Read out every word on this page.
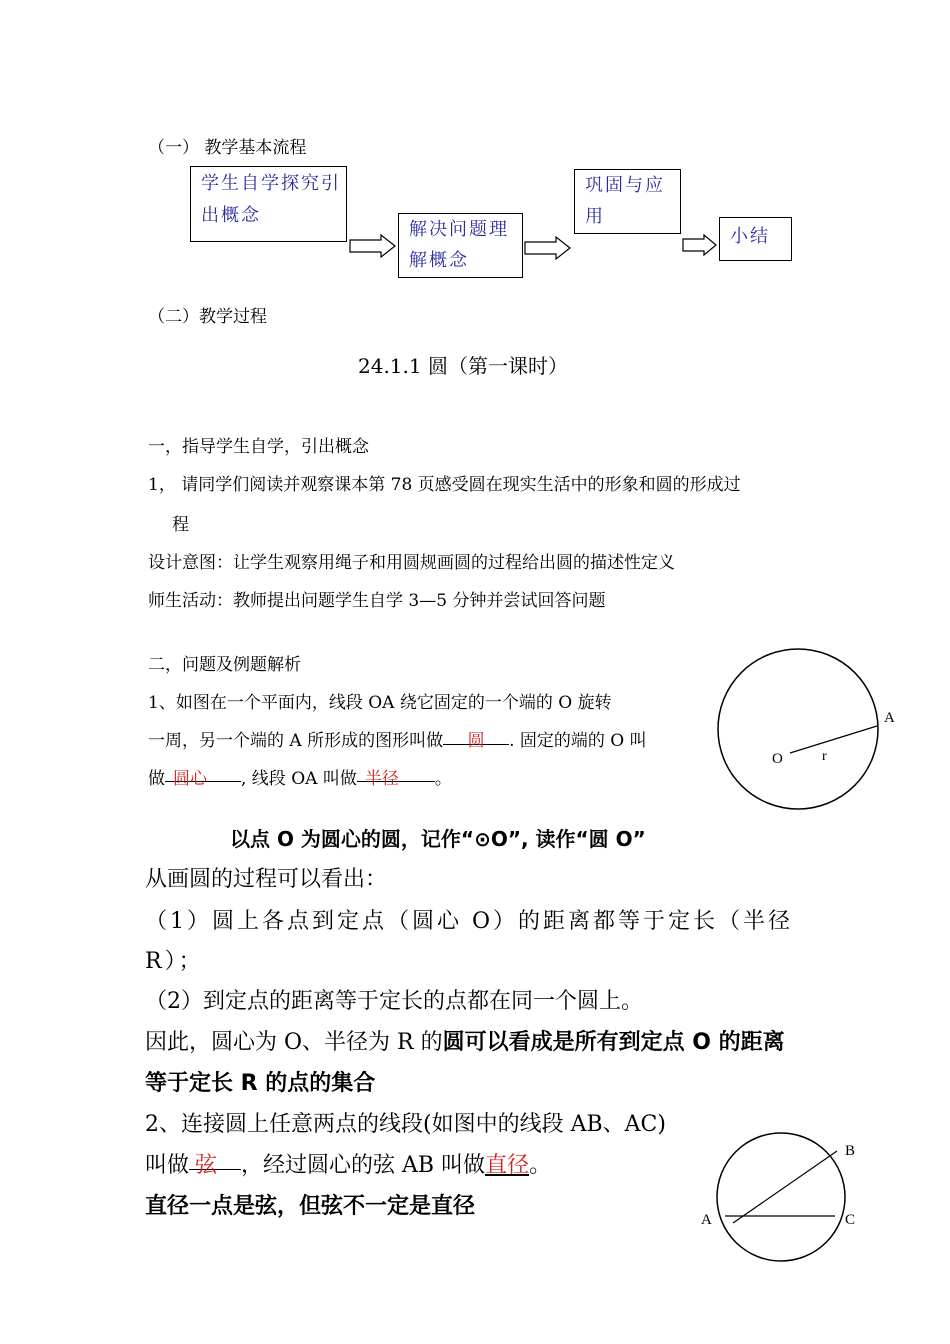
（一） 教学基本流程
学生自学探究引出概念
解决问题理解概念
巩固与应用
小结
（二）教学过程
24.1.1 圆（第一课时）
一，指导学生自学，引出概念
1， 请同学们阅读并观察课本第 78 页感受圆在现实生活中的形象和圆的形成过
程
设计意图：让学生观察用绳子和用圆规画圆的过程给出圆的描述性定义
师生活动：教师提出问题学生自学 3—5 分钟并尝试回答问题
二，问题及例题解析
1、如图在一个平面内，线段 OA 绕它固定的一个端的 O 旋转
一周，另一个端的 A 所形成的图形叫做 圆 . 固定的端的 O 叫
做 圆心 , 线段 OA 叫做 半径 。
A
O	r
以点 O 为圆心的圆，记作“⊙O”, 读作“圆 O”
从画圆的过程可以看出：
（1）圆上各点到定点（圆心 O）的距离都等于定长（半径 R）；
（2）到定点的距离等于定长的点都在同一个圆上。
因此，圆心为 O、半径为 R 的圆可以看成是所有到定点 O 的距离
等于定长 R 的点的集合
2、连接圆上任意两点的线段(如图中的线段 AB、AC)
叫做 弦 ，经过圆心的弦 AB 叫做直径。
直径一点是弦，但弦不一定是直径
A
B
C
